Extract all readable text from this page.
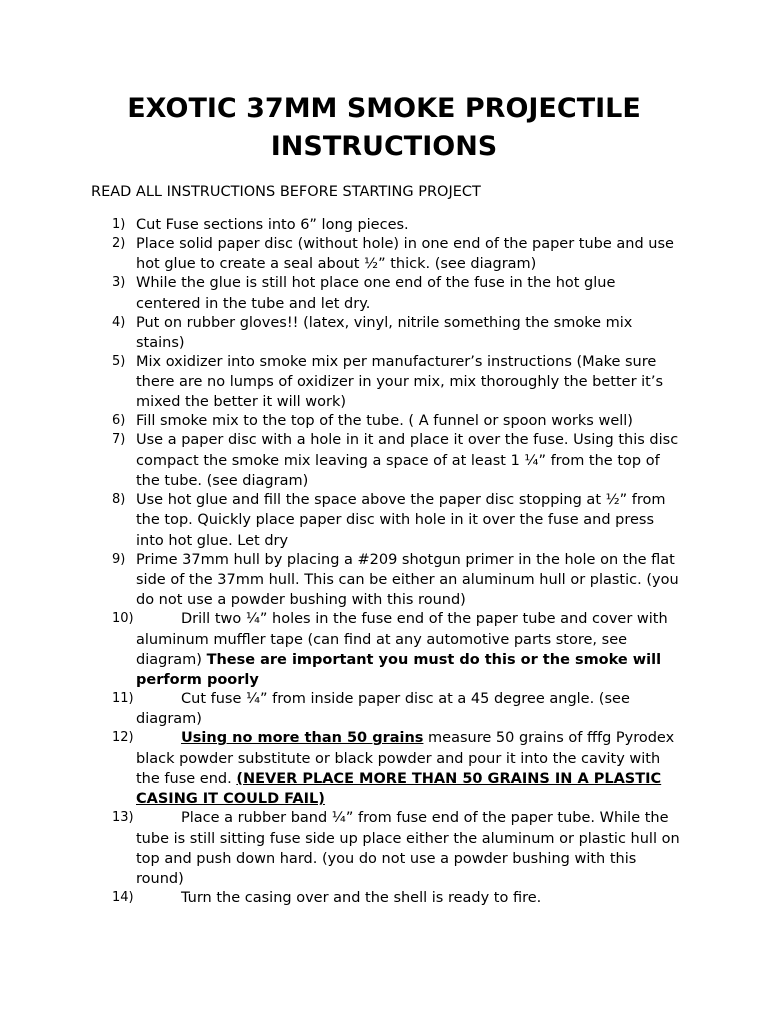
EXOTIC 37MM SMOKE PROJECTILE
INSTRUCTIONS

READ ALL INSTRUCTIONS BEFORE STARTING PROJECT

1) Cut Fuse sections into 6” long pieces.
2) Place solid paper disc (without hole) in one end of the paper tube and use hot glue to create a seal about ½” thick. (see diagram)
3) While the glue is still hot place one end of the fuse in the hot glue centered in the tube and let dry.
4) Put on rubber gloves!! (latex, vinyl, nitrile something the smoke mix stains)
5) Mix oxidizer into smoke mix per manufacturer’s instructions (Make sure there are no lumps of oxidizer in your mix, mix thoroughly the better it’s mixed the better it will work)
6) Fill smoke mix to the top of the tube. ( A funnel or spoon works well)
7) Use a paper disc with a hole in it and place it over the fuse. Using this disc compact the smoke mix leaving a space of at least 1 ¼” from the top of the tube. (see diagram)
8) Use hot glue and fill the space above the paper disc stopping at ½” from the top. Quickly place paper disc with hole in it over the fuse and press into hot glue. Let dry
9) Prime 37mm hull by placing a #209 shotgun primer in the hole on the flat side of the 37mm hull. This can be either an aluminum hull or plastic. (you do not use a powder bushing with this round)
10)	Drill two ¼” holes in the fuse end of the paper tube and cover with aluminum muffler tape (can find at any automotive parts store, see diagram) These are important you must do this or the smoke will perform poorly
11)	Cut fuse ¼” from inside paper disc at a 45 degree angle. (see diagram)
12)	Using no more than 50 grains measure 50 grains of fffg Pyrodex black powder substitute or black powder and pour it into the cavity with the fuse end. (NEVER PLACE MORE THAN 50 GRAINS IN A PLASTIC CASING IT COULD FAIL)
13)	Place a rubber band ¼” from fuse end of the paper tube. While the tube is still sitting fuse side up place either the aluminum or plastic hull on top and push down hard. (you do not use a powder bushing with this round)
14)	Turn the casing over and the shell is ready to fire.
